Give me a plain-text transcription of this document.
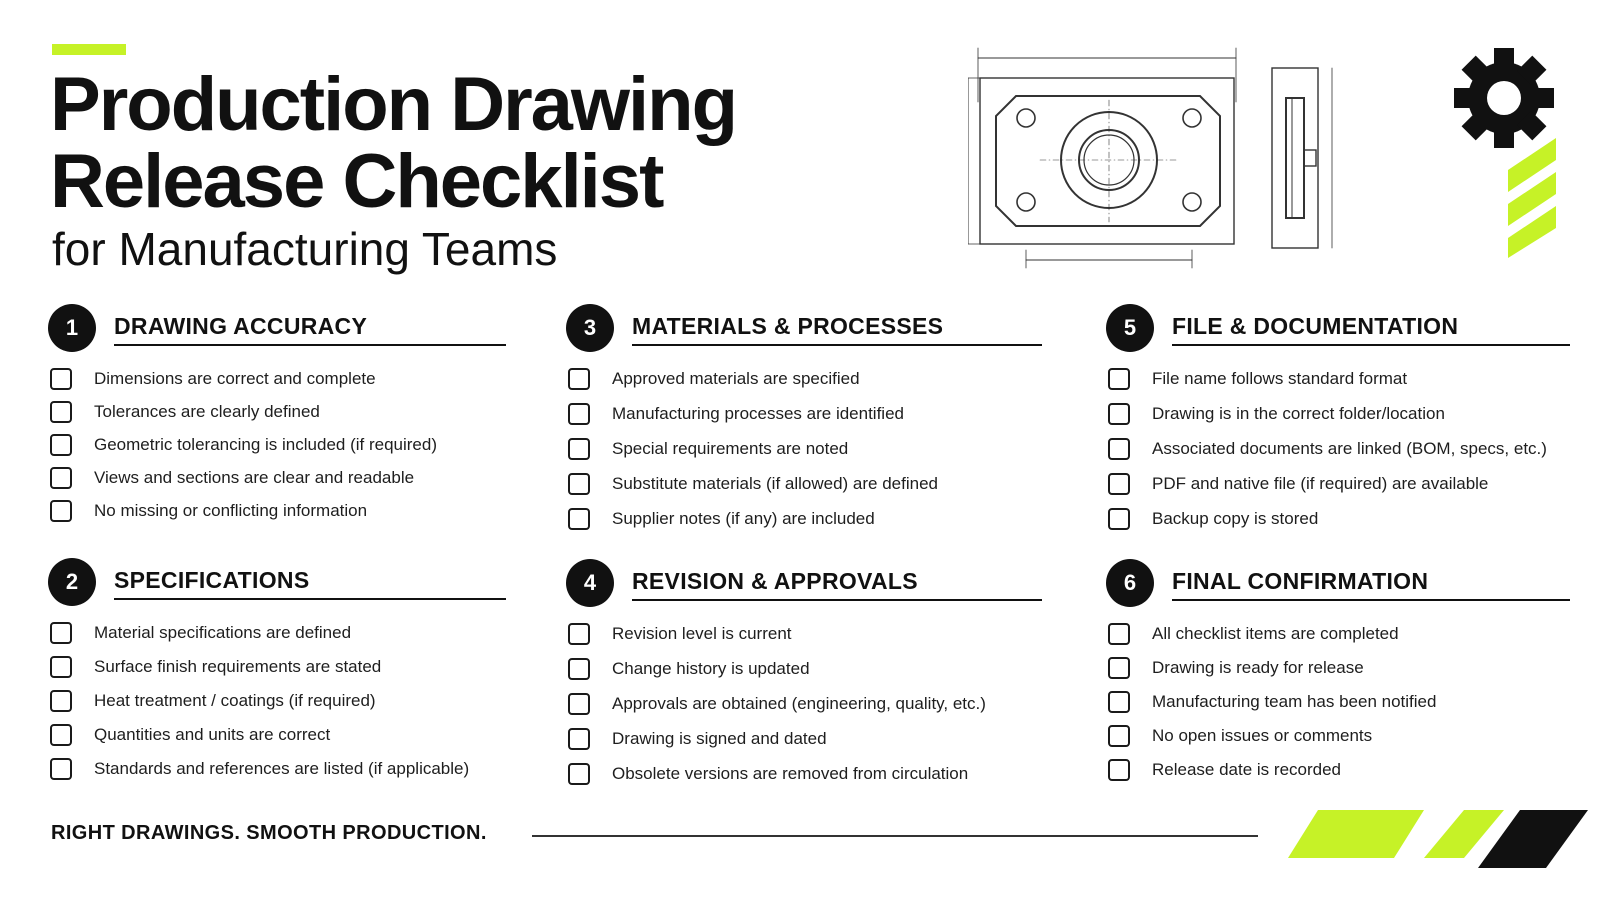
Production Drawing
Release Checklist
for Manufacturing Teams
1	DRAWING ACCURACY
Dimensions are correct and complete
Tolerances are clearly defined
Geometric tolerancing is included (if required)
Views and sections are clear and readable
No missing or conflicting information
2	SPECIFICATIONS
Material specifications are defined
Surface finish requirements are stated
Heat treatment / coatings (if required)
Quantities and units are correct
Standards and references are listed (if applicable)
3	MATERIALS & PROCESSES
Approved materials are specified
Manufacturing processes are identified
Special requirements are noted
Substitute materials (if allowed) are defined
Supplier notes (if any) are included
4	REVISION & APPROVALS
Revision level is current
Change history is updated
Approvals are obtained (engineering, quality, etc.)
Drawing is signed and dated
Obsolete versions are removed from circulation
5	FILE & DOCUMENTATION
File name follows standard format
Drawing is in the correct folder/location
Associated documents are linked (BOM, specs, etc.)
PDF and native file (if required) are available
Backup copy is stored
6	FINAL CONFIRMATION
All checklist items are completed
Drawing is ready for release
Manufacturing team has been notified
No open issues or comments
Release date is recorded
RIGHT DRAWINGS. SMOOTH PRODUCTION.
